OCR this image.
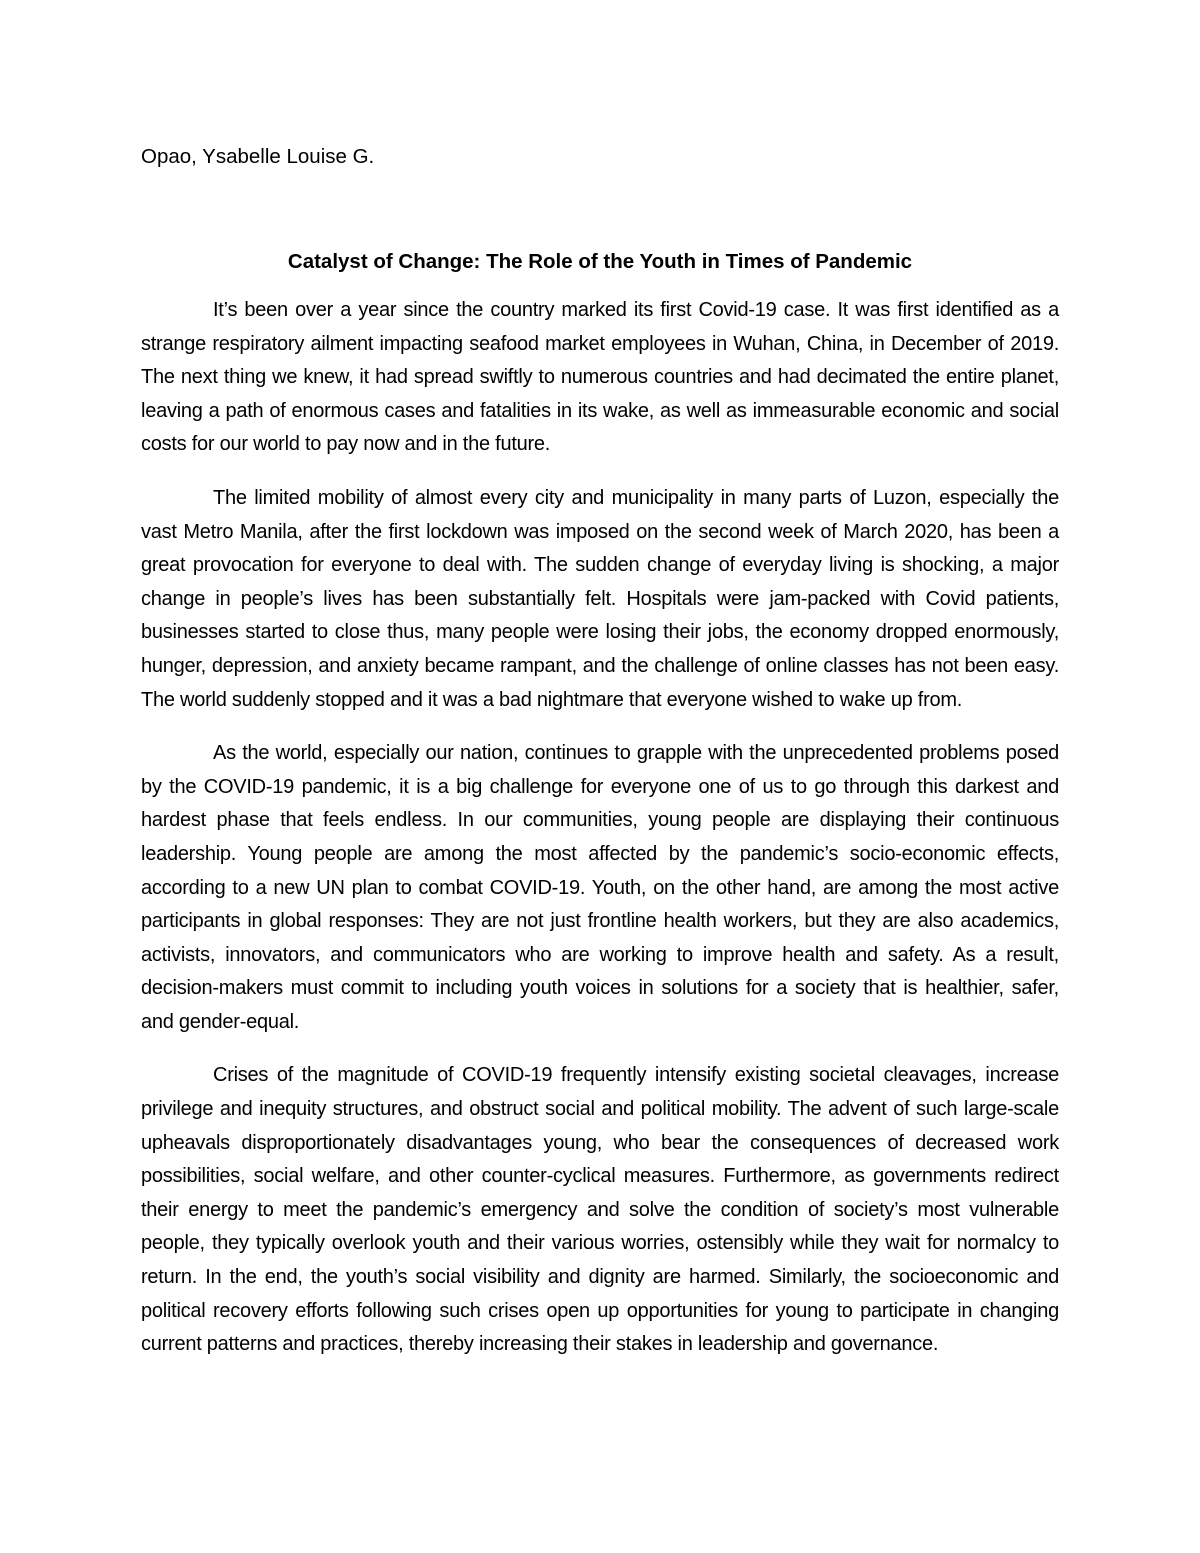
Opao, Ysabelle Louise G.

Catalyst of Change: The Role of the Youth in Times of Pandemic

It’s been over a year since the country marked its first Covid-19 case. It was first identified as a strange respiratory ailment impacting seafood market employees in Wuhan, China, in December of 2019. The next thing we knew, it had spread swiftly to numerous countries and had decimated the entire planet, leaving a path of enormous cases and fatalities in its wake, as well as immeasurable economic and social costs for our world to pay now and in the future.

The limited mobility of almost every city and municipality in many parts of Luzon, especially the vast Metro Manila, after the first lockdown was imposed on the second week of March 2020, has been a great provocation for everyone to deal with. The sudden change of everyday living is shocking, a major change in people’s lives has been substantially felt. Hospitals were jam-packed with Covid patients, businesses started to close thus, many people were losing their jobs, the economy dropped enormously, hunger, depression, and anxiety became rampant, and the challenge of online classes has not been easy. The world suddenly stopped and it was a bad nightmare that everyone wished to wake up from.

As the world, especially our nation, continues to grapple with the unprecedented problems posed by the COVID-19 pandemic, it is a big challenge for everyone one of us to go through this darkest and hardest phase that feels endless. In our communities, young people are displaying their continuous leadership. Young people are among the most affected by the pandemic’s socio-economic effects, according to a new UN plan to combat COVID-19. Youth, on the other hand, are among the most active participants in global responses: They are not just frontline health workers, but they are also academics, activists, innovators, and communicators who are working to improve health and safety. As a result, decision-makers must commit to including youth voices in solutions for a society that is healthier, safer, and gender-equal.

Crises of the magnitude of COVID-19 frequently intensify existing societal cleavages, increase privilege and inequity structures, and obstruct social and political mobility. The advent of such large-scale upheavals disproportionately disadvantages young, who bear the consequences of decreased work possibilities, social welfare, and other counter-cyclical measures. Furthermore, as governments redirect their energy to meet the pandemic’s emergency and solve the condition of society’s most vulnerable people, they typically overlook youth and their various worries, ostensibly while they wait for normalcy to return. In the end, the youth’s social visibility and dignity are harmed. Similarly, the socioeconomic and political recovery efforts following such crises open up opportunities for young to participate in changing current patterns and practices, thereby increasing their stakes in leadership and governance.
